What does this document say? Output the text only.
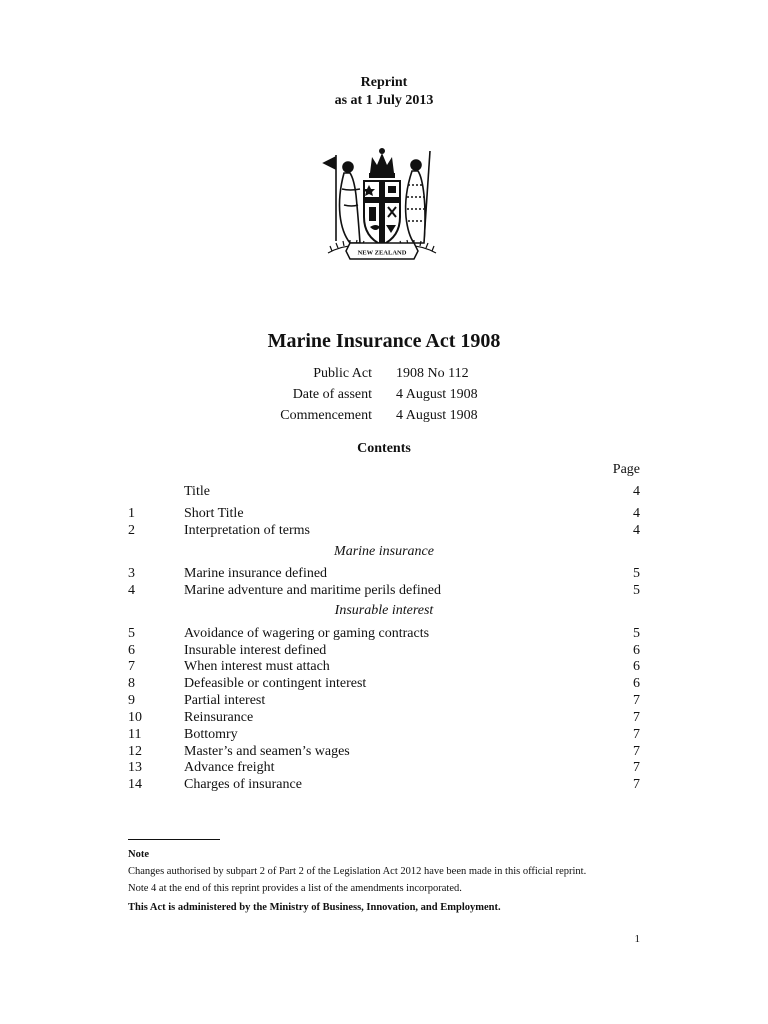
Reprint
as at 1 July 2013
NEW ZEALAND
Marine Insurance Act 1908
Public Act 1908 No 112
Date of assent 4 August 1908
Commencement 4 August 1908
Contents
Page
Title	4
1	Short Title	4
2	Interpretation of terms	4
Marine insurance
3	Marine insurance defined	5
4	Marine adventure and maritime perils defined	5
Insurable interest
5	Avoidance of wagering or gaming contracts	5
6	Insurable interest defined	6
7	When interest must attach	6
8	Defeasible or contingent interest	6
9	Partial interest	7
10	Reinsurance	7
11	Bottomry	7
12	Master’s and seamen’s wages	7
13	Advance freight	7
14	Charges of insurance	7
Note
Changes authorised by subpart 2 of Part 2 of the Legislation Act 2012 have been made in this official reprint.
Note 4 at the end of this reprint provides a list of the amendments incorporated.
This Act is administered by the Ministry of Business, Innovation, and Employment.
1
